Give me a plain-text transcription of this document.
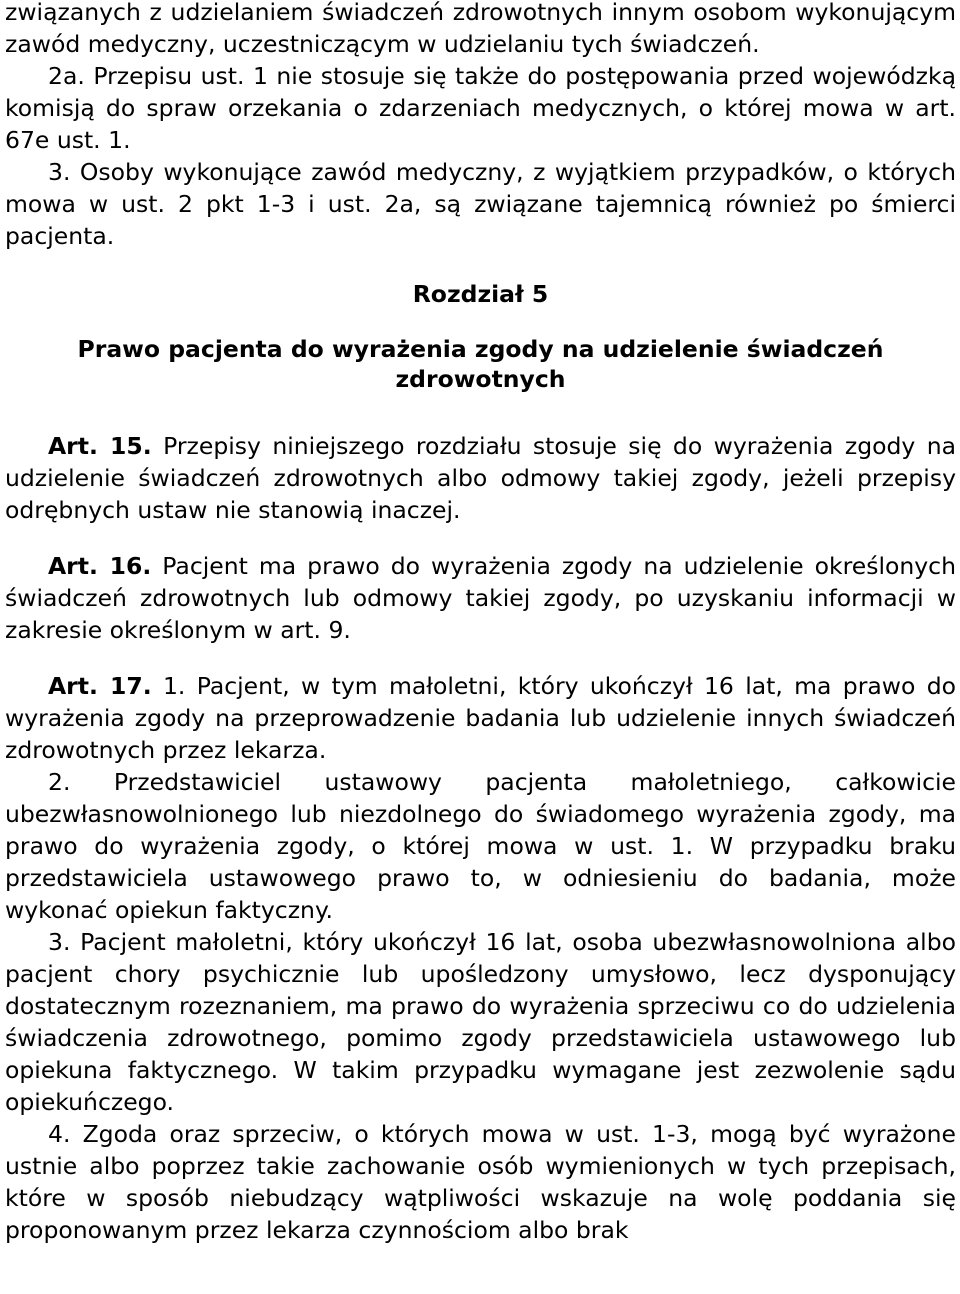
związanych z udzielaniem świadczeń zdrowotnych innym osobom wykonującym zawód medyczny, uczestniczącym w udzielaniu tych świadczeń.

2a. Przepisu ust. 1 nie stosuje się także do postępowania przed wojewódzką komisją do spraw orzekania o zdarzeniach medycznych, o której mowa w art. 67e ust. 1.

3. Osoby wykonujące zawód medyczny, z wyjątkiem przypadków, o których mowa w ust. 2 pkt 1-3 i ust. 2a, są związane tajemnicą również po śmierci pacjenta.

Rozdział 5

Prawo pacjenta do wyrażenia zgody na udzielenie świadczeń zdrowotnych

Art. 15. Przepisy niniejszego rozdziału stosuje się do wyrażenia zgody na udzielenie świadczeń zdrowotnych albo odmowy takiej zgody, jeżeli przepisy odrębnych ustaw nie stanowią inaczej.

Art. 16. Pacjent ma prawo do wyrażenia zgody na udzielenie określonych świadczeń zdrowotnych lub odmowy takiej zgody, po uzyskaniu informacji w zakresie określonym w art. 9.

Art. 17. 1. Pacjent, w tym małoletni, który ukończył 16 lat, ma prawo do wyrażenia zgody na przeprowadzenie badania lub udzielenie innych świadczeń zdrowotnych przez lekarza.

2. Przedstawiciel ustawowy pacjenta małoletniego, całkowicie ubezwłasnowolnionego lub niezdolnego do świadomego wyrażenia zgody, ma prawo do wyrażenia zgody, o której mowa w ust. 1. W przypadku braku przedstawiciela ustawowego prawo to, w odniesieniu do badania, może wykonać opiekun faktyczny.

3. Pacjent małoletni, który ukończył 16 lat, osoba ubezwłasnowolniona albo pacjent chory psychicznie lub upośledzony umysłowo, lecz dysponujący dostatecznym rozeznaniem, ma prawo do wyrażenia sprzeciwu co do udzielenia świadczenia zdrowotnego, pomimo zgody przedstawiciela ustawowego lub opiekuna faktycznego. W takim przypadku wymagane jest zezwolenie sądu opiekuńczego.

4. Zgoda oraz sprzeciw, o których mowa w ust. 1-3, mogą być wyrażone ustnie albo poprzez takie zachowanie osób wymienionych w tych przepisach, które w sposób niebudzący wątpliwości wskazuje na wolę poddania się proponowanym przez lekarza czynnościom albo brak
